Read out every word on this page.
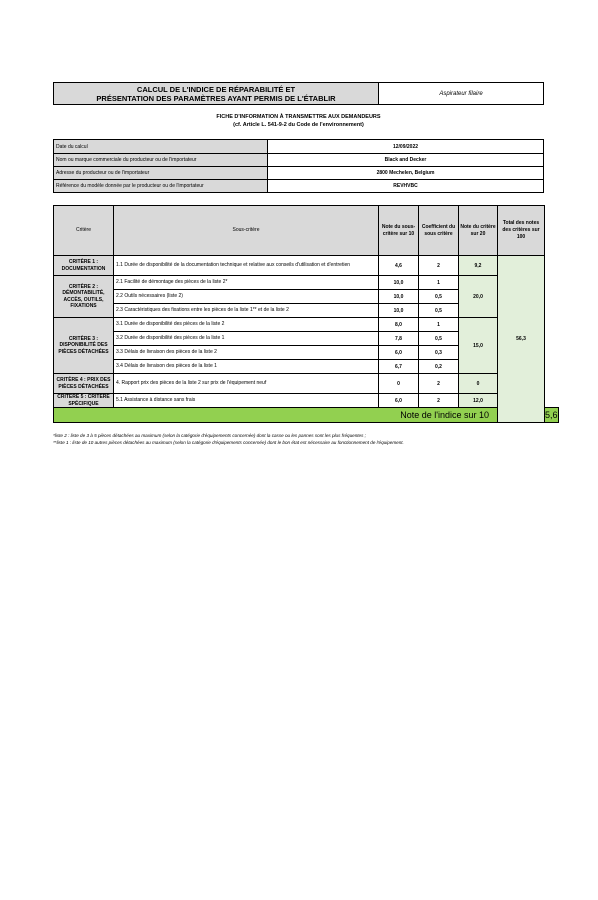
CALCUL DE L'INDICE DE RÉPARABILITÉ ET
PRÉSENTATION DES PARAMÈTRES AYANT PERMIS DE L'ÉTABLIR	Aspirateur filaire
FICHE D'INFORMATION À TRANSMETTRE AUX DEMANDEURS
(cf. Article L. 541-9-2 du Code de l'environnement)
Date du calcul	12/09/2022
Nom ou marque commerciale du producteur ou de l'importateur	Black and Decker
Adresse du producteur ou de l'importateur	2800 Mechelen, Belgium
Référence du modèle donnée par le producteur ou de l'importateur	REVHVBC
Critère	Sous-critère	Note du sous-critère sur 10	Coefficient du sous critère	Note du critère sur 20	Total des notes des critères sur 100	
CRITÈRE 1 : DOCUMENTATION	1.1 Durée de disponibilité de la documentation technique et relative aux conseils d'utilisation et d'entretien	4,6	2	9,2	56,3	
CRITÈRE 2 : DÉMONTABILITÉ, ACCÈS, OUTILS, FIXATIONS	2.1 Facilité de démontage des pièces de la liste 2*	10,0	1	20,0		
	2.2 Outils nécessaires (liste 2)	10,0	0,5			
	2.3 Caractéristiques des fixations entre les pièces de la liste 1** et de la liste 2	10,0	0,5			
CRITÈRE 3 : DISPONIBILITÉ DES PIÈCES DÉTACHÉES	3.1 Durée de disponibilité des pièces de la liste 2	8,0	1	15,0		
	3.2 Durée de disponibilité des pièces de la liste 1	7,8	0,5			
	3.3 Délais de livraison des pièces de la liste 2	6,0	0,3			
	3.4 Délais de livraison des pièces de la liste 1	6,7	0,2			
CRITÈRE 4 : PRIX DES PIÈCES DÉTACHÉES	4. Rapport prix des pièces de la liste 2 sur prix de l'équipement neuf	0	2	0		
CRITÈRE 5 : CRITÈRE SPÉCIFIQUE	5.1 Assistance à distance sans frais	6,0	2	12,0		
Note de l'indice sur 10						5,6
*liste 2 : liste de 3 à 5 pièces détachées au maximum (selon la catégorie d'équipements concernée) dont la casse ou les pannes sont les plus fréquentes ;
**liste 1 : liste de 10 autres pièces détachées au maximum (selon la catégorie d'équipements concernée) dont le bon état est nécessaire au fonctionnement de l'équipement.
